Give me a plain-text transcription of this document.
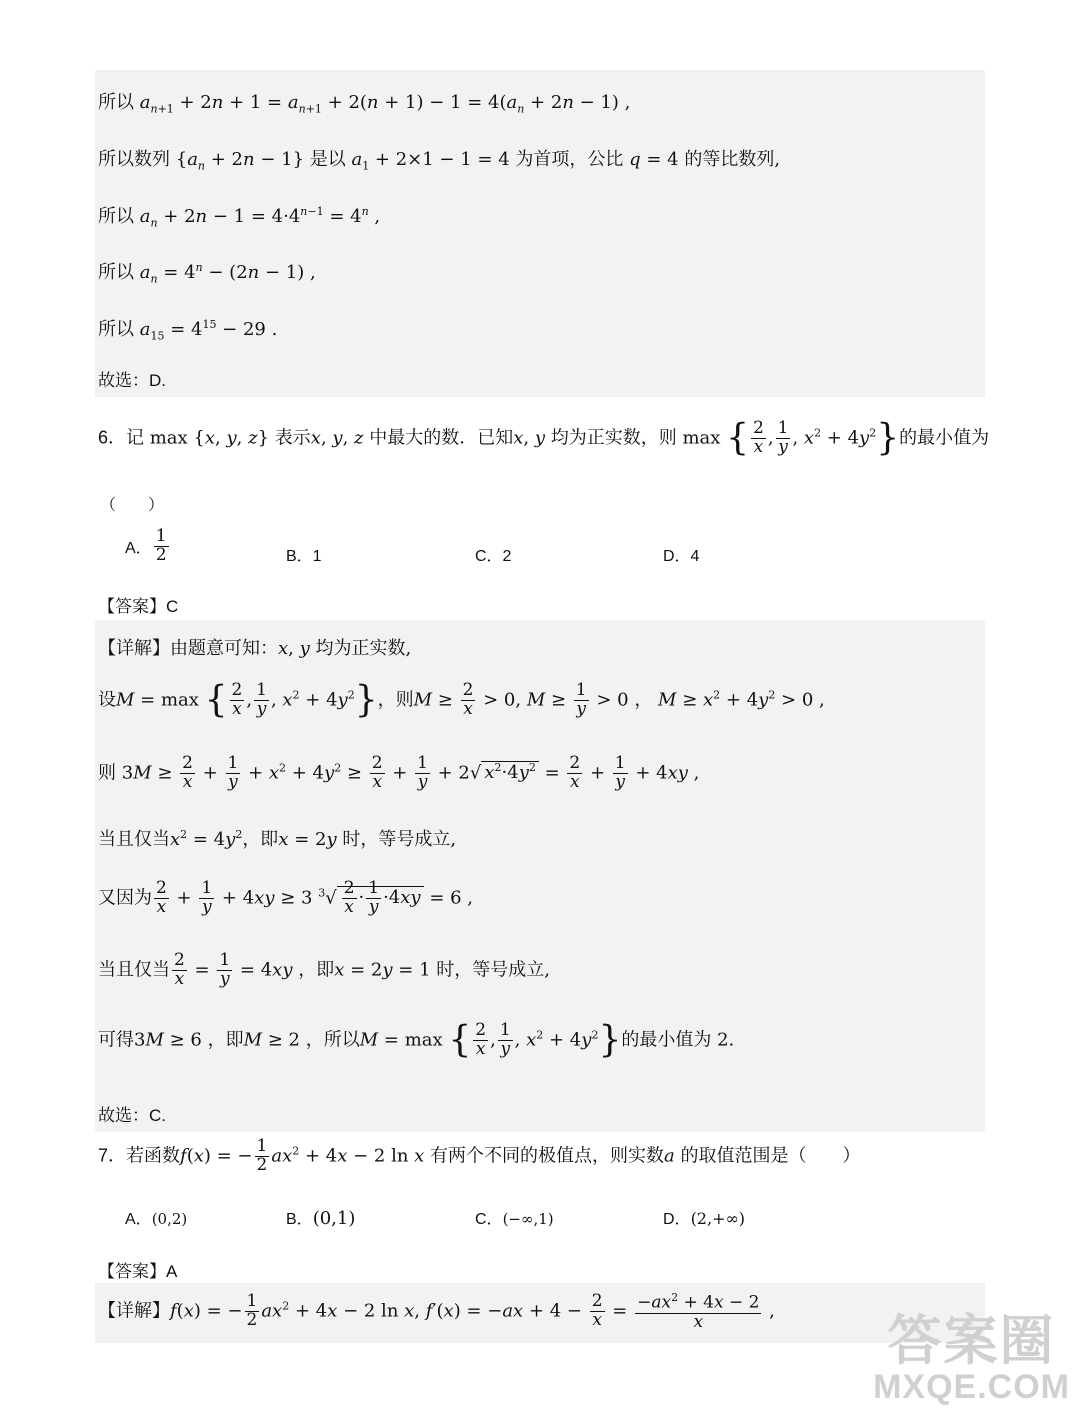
所以 $a_{n+1} + 2n + 1 = a_{n+1} + 2(n + 1) - 1 = 4(a_n + 2n - 1)$ ,
所以数列 $\{a_n + 2n - 1\}$ 是以 $a_1 + 2\times 1 - 1 = 4$ 为首项，公比 q = 4 的等比数列,
所以 $a_n + 2n - 1 = 4\cdot 4^{n-1} = 4^n$ ,
所以 $a_n = 4^n - (2n - 1)$ ,
所以 $a_{15} = 4^{15} - 29$ .
故选：D.
6．记 max {x, y, z} 表示x, y, z 中最大的数．已知x, y 均为正实数，则 max { $\frac{2}{x}$ , $\frac{1}{y}$ , $x^2 + 4y^2$}的最小值为
（　　）
A． $\frac{1}{2}$	B．1	C．2	D．4
【答案】C
【详解】由题意可知：x, y 均为正实数,
设M = max { $\frac{2}{x}$ , $\frac{1}{y}$ , $x^2 + 4y^2$}，则$M \ge \frac{2}{x} > 0$, $M \ge \frac{1}{y} > 0$ ， $M \ge x^2 + 4y^2 > 0$ ,
则 $3M \ge \frac{2}{x} + \frac{1}{y} + x^2 + 4y^2 \ge \frac{2}{x} + \frac{1}{y} + 2√$ $x^2\cdot 4y^2 = \frac{2}{x} + \frac{1}{y} + 4xy$ ,
当且仅当$x^2 = 4y^2$，即x = 2y 时，等号成立,
又因为 $\frac{2}{x} + \frac{1}{y} + 4xy \ge 3$ $^3√ \frac{2}{x} \cdot \frac{1}{y} \cdot 4xy = 6$ ,
当且仅当 $\frac{2}{x} = \frac{1}{y} = 4xy$ ，即x = 2y = 1 时，等号成立,
可得3M ≥ 6 ，即M ≥ 2 ，所以M = max { $\frac{2}{x}$ , $\frac{1}{y}$ , $x^2 + 4y^2$}的最小值为 2.
故选：C.
7．若函数f(x) = − $\frac{1}{2} ax^2 + 4x - 2$ ln x 有两个不同的极值点，则实数a 的取值范围是（　　）
A．(0,2)	B．(0,1)	C．(−∞,1)	D．(2,+∞)
【答案】A
【详解】f(x) = − $\frac{1}{2} ax^2 + 4x - 2$ ln x, $f'(x) = -ax + 4 - \frac{2}{x} = \frac{-ax^2 + 4x - 2}{x}$ , 答案圈
MXQE.COM
